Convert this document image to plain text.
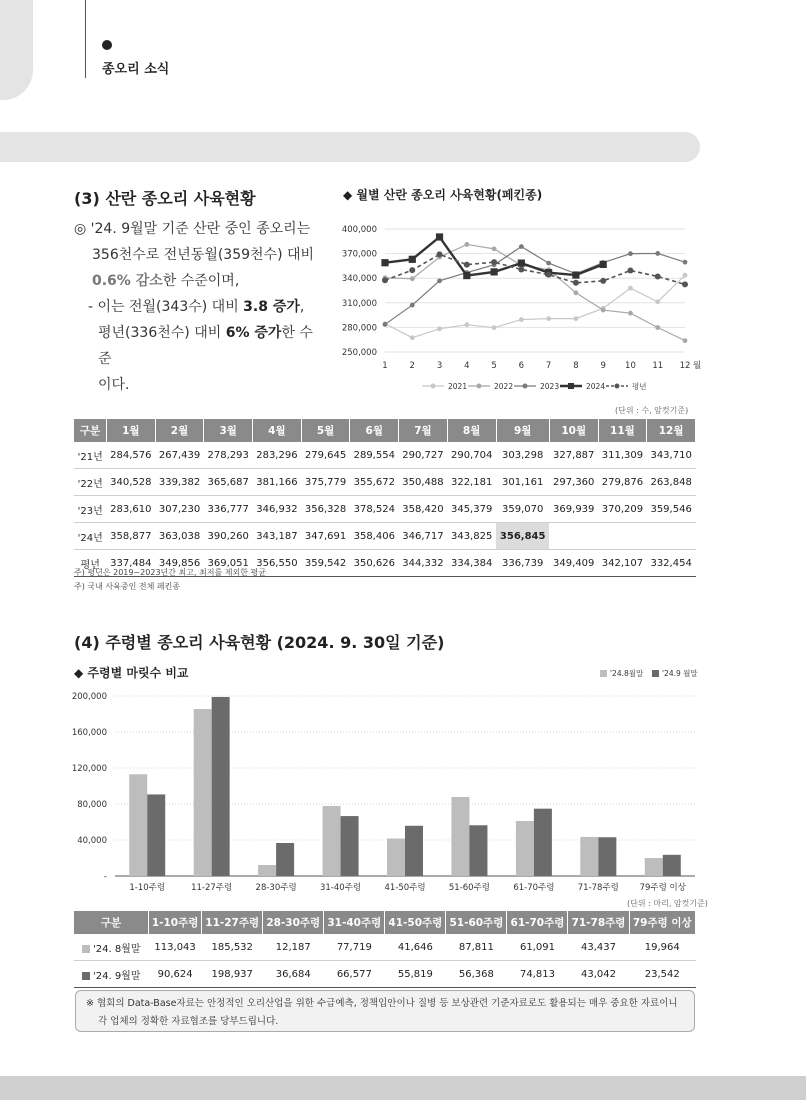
종오리 소식
(3) 산란 종오리 사육현황
◎ '24. 9월말 기준 산란 중인 종오리는
356천수로 전년동월(359천수) 대비
0.6% 감소한 수준이며,
- 이는 전월(343수) 대비 3.8 증가,
평년(336천수) 대비 6% 증가한 수준
이다.
◆ 월별 산란 종오리 사육현황(페킨종)
250,000
280,000
310,000
340,000
370,000
400,000
1	2	3	4	5	6	7	8	9 10 11 12 월
2021	2022	2023	2024	평년
(단위 : 수, 암컷기준)
구분	1월	2월	3월	4월	5월	6월	7월	8월	9월	10월	11월	12월
'21년	284,576	267,439	278,293	283,296	279,645	289,554	290,727	290,704	303,298	327,887	311,309	343,710
'22년	340,528	339,382	365,687	381,166	375,779	355,672	350,488	322,181	301,161	297,360	279,876	263,848
'23년	283,610	307,230	336,777	346,932	356,328	378,524	358,420	345,379	359,070	369,939	370,209	359,546
'24년	358,877	363,038	390,260	343,187	347,691	358,406	346,717	343,825	356,845			
평년	337,484	349,856	369,051	356,550	359,542	350,626	344,332	334,384	336,739	349,409	342,107	332,454
주) 평년은 2019~2023년간 최고, 최저를 제외한 평균
주) 국내 사육중인 전체 페킨종
(4) 주령별 종오리 사육현황 (2024. 9. 30일 기준)
◆ 주령별 마릿수 비교
-
40,000
80,000
120,000
160,000
200,000
1-10주령	11-27주령	28-30주령	31-40주령	41-50주령	51-60주령	61-70주령	71-78주령 79주령 이상
'24.8월말 '24.9 월말
(단위 : 마리, 암컷기준)
구분	1-10주령	11-27주령	28-30주령	31-40주령	41-50주령	51-60주령	61-70주령	71-78주령	79주령 이상
'24. 8월말	113,043	185,532	12,187	77,719	41,646	87,811	61,091	43,437	19,964
'24. 9월말	90,624	198,937	36,684	66,577	55,819	56,368	74,813	43,042	23,542
※ 협회의 Data-Base자료는 안정적인 오리산업을 위한 수급예측, 정책입안이나 질병 등 보상관련 기준자료로도 활용되는 매우 중요한 자료이니
각 업체의 정확한 자료협조를 당부드립니다.
